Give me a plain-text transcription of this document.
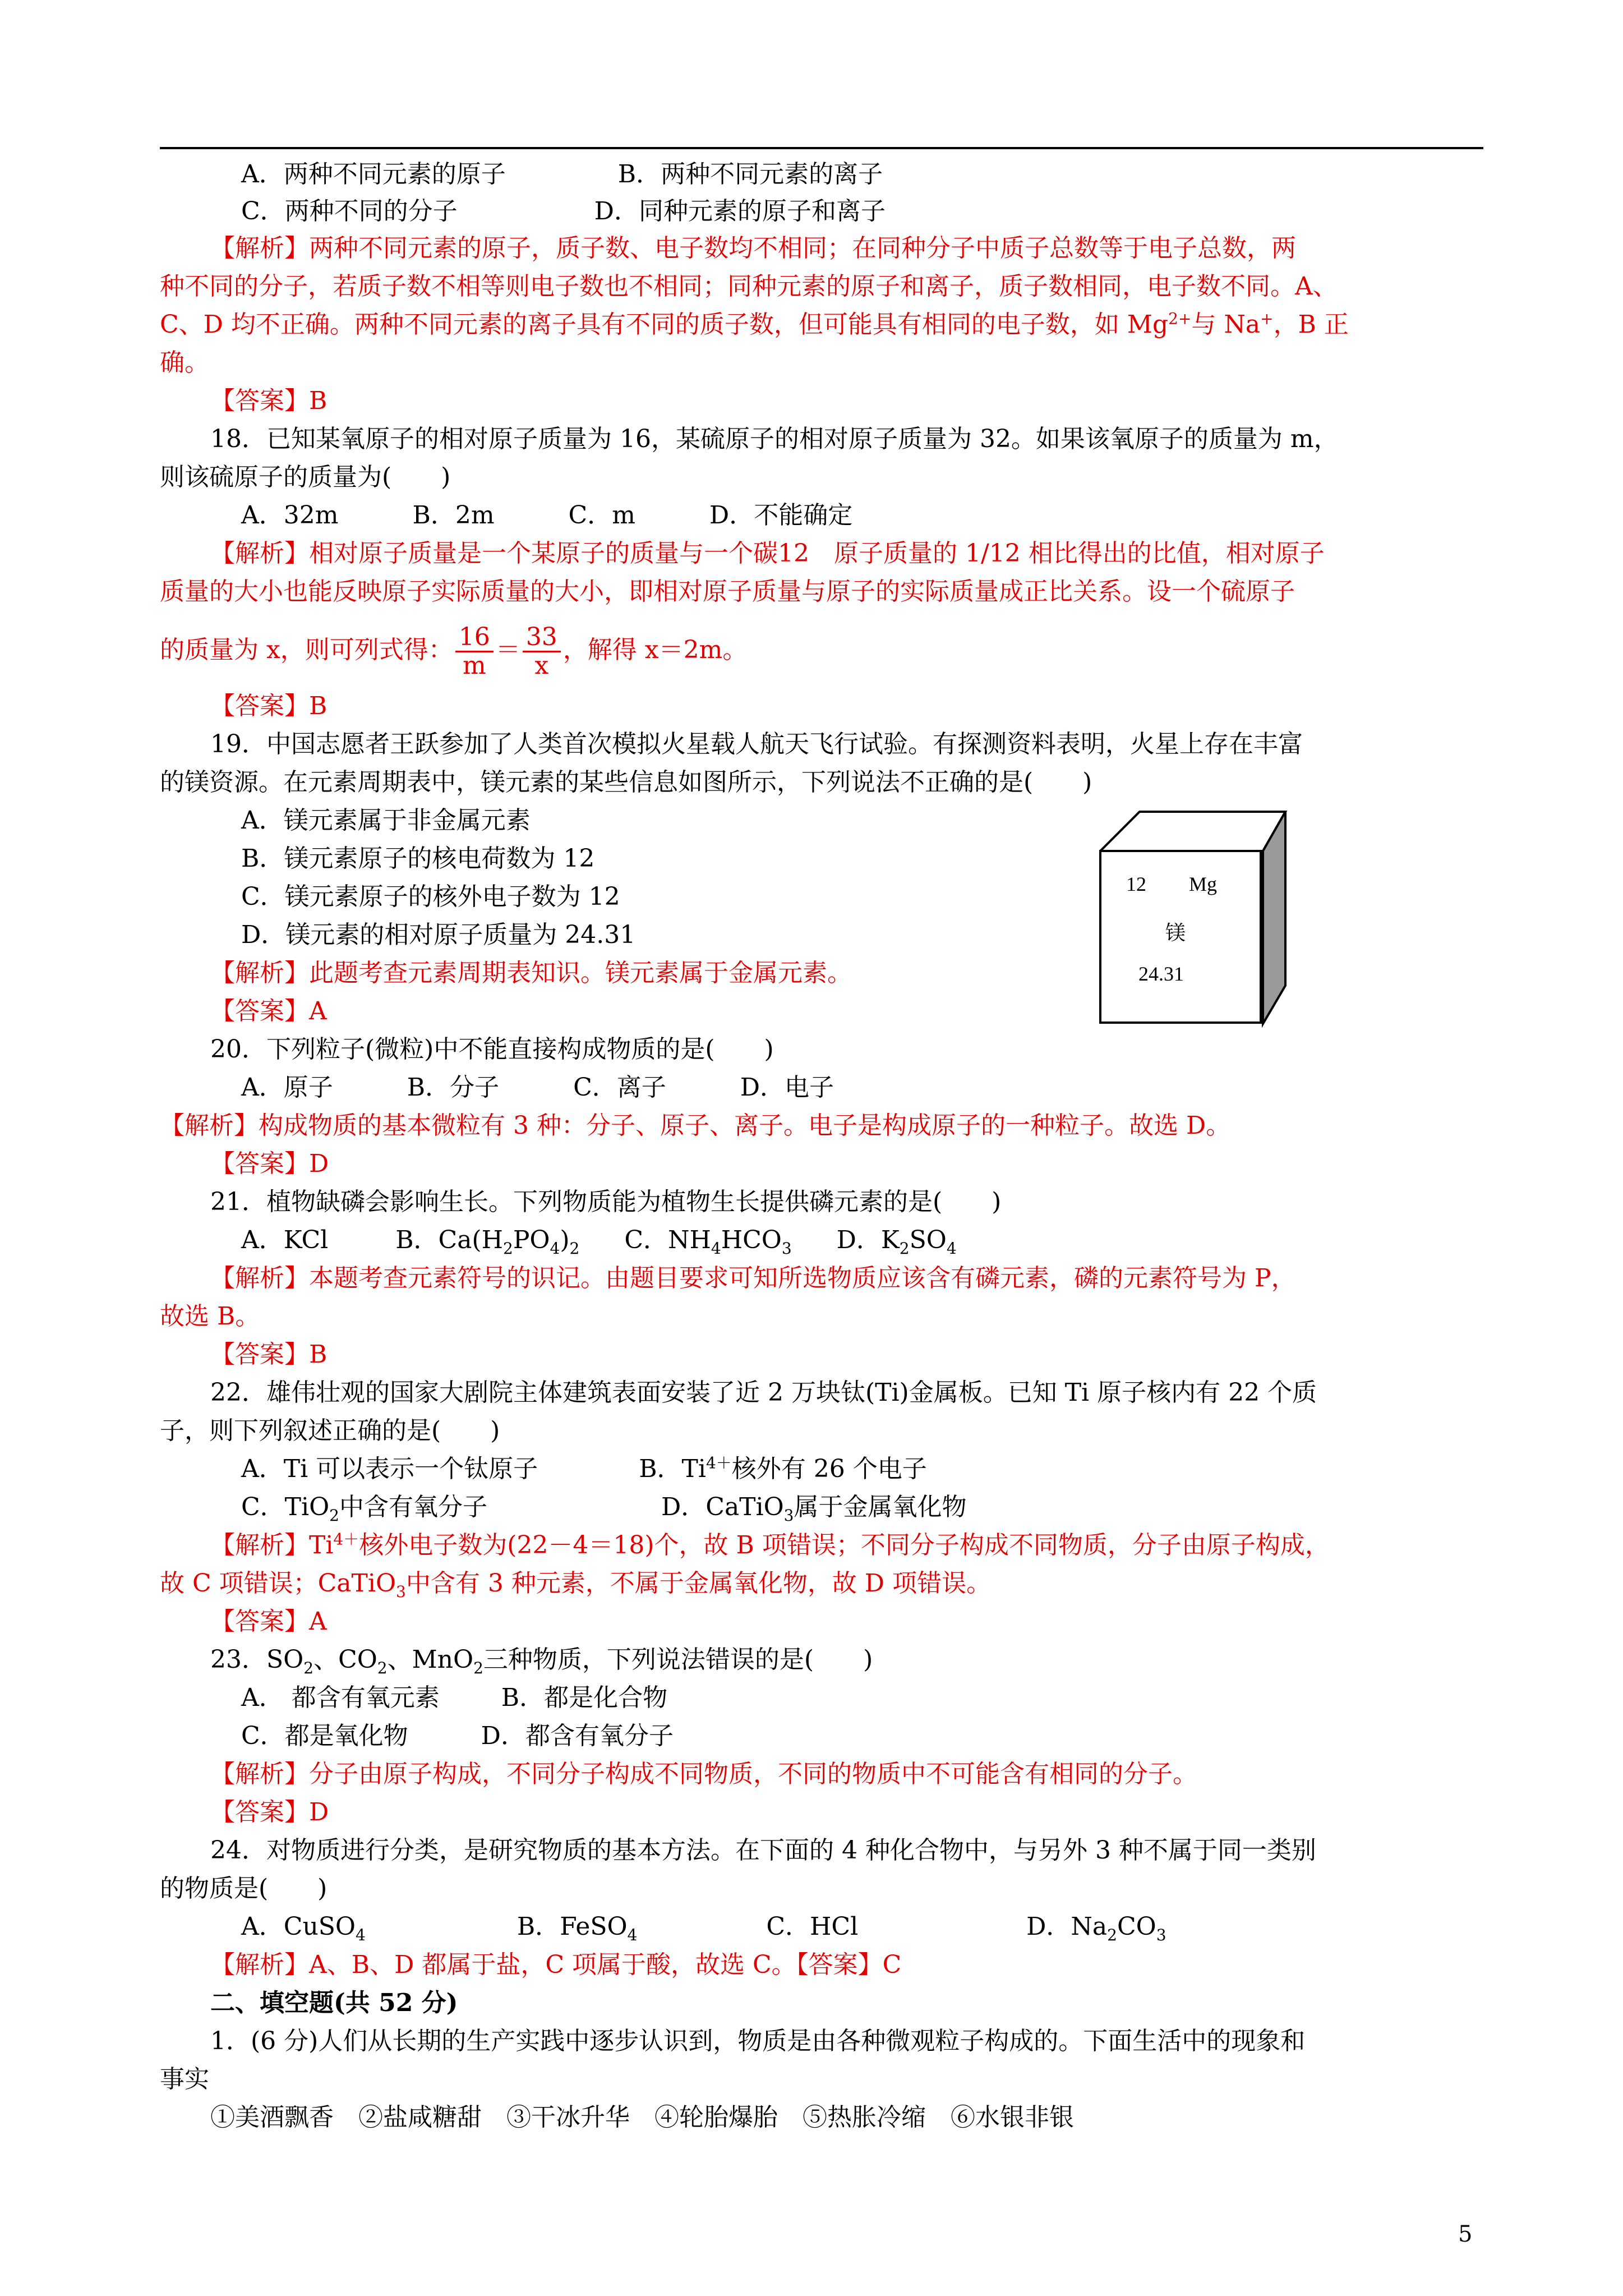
A．两种不同元素的原子	B．两种不同元素的离子
C．两种不同的分子	D．同种元素的原子和离子
【解析】两种不同元素的原子，质子数、电子数均不相同；在同种分子中质子总数等于电子总数，两
种不同的分子，若质子数不相等则电子数也不相同；同种元素的原子和离子，质子数相同，电子数不同。A、
C、D 均不正确。两种不同元素的离子具有不同的质子数，但可能具有相同的电子数，如 $Mg^{2+}$与 Na+，B 正
确。
【答案】B
18．已知某氧原子的相对原子质量为 16，某硫原子的相对原子质量为 32。如果该氧原子的质量为 m，
则该硫原子的质量为(　　)
A．32m　　　B．2m　　　C．m　　　D．不能确定
【解析】相对原子质量是一个某原子的质量与一个碳12　原子质量的 1/12 相比得出的比值，相对原子
质量的大小也能反映原子实际质量的大小，即相对原子质量与原子的实际质量成正比关系。设一个硫原子
的质量为 x，则可列式得： $\frac{16}{m} = \frac{33}{x}$ ，解得 x＝2m。
【答案】B
19．中国志愿者王跃参加了人类首次模拟火星载人航天飞行试验。有探测资料表明，火星上存在丰富
的镁资源。在元素周期表中，镁元素的某些信息如图所示，下列说法不正确的是(　　)
A．镁元素属于非金属元素
B．镁元素原子的核电荷数为 12
C．镁元素原子的核外电子数为 12
D．镁元素的相对原子质量为 24.31
【解析】此题考查元素周期表知识。镁元素属于金属元素。
【答案】A
12 Mg
镁
24.31
20．下列粒子(微粒)中不能直接构成物质的是(　　)
A．原子　　　B．分子　　　C．离子　　　D．电子
【解析】构成物质的基本微粒有 3 种：分子、原子、离子。电子是构成原子的一种粒子。故选 D。
【答案】D
21．植物缺磷会影响生长。下列物质能为植物生长提供磷元素的是(　　)
A．KCl	B．$Ca(H_2PO_4)_2$ C．$NH_4HCO_3$ D．$K_2SO_4$
【解析】本题考查元素符号的识记。由题目要求可知所选物质应该含有磷元素，磷的元素符号为 P，
故选 B。
【答案】B
22．雄伟壮观的国家大剧院主体建筑表面安装了近 2 万块钛(Ti)金属板。已知 Ti 原子核内有 22 个质
子，则下列叙述正确的是(　　)
A．Ti 可以表示一个钛原子	B．$Ti^{4+}$核外有 26 个电子
C．TiO$_2$中含有氧分子	D．CaTiO$_3$属于金属氧化物
【解析】$Ti^{4+}$核外电子数为(22－4＝18)个，故 B 项错误；不同分子构成不同物质，分子由原子构成，
故 C 项错误；CaTiO$_3$中含有 3 种元素，不属于金属氧化物，故 D 项错误。
【答案】A
23．$SO_2$、$CO_2$、MnO$_2$三种物质，下列说法错误的是(　　)
A． 都含有氧元素	B．都是化合物
C．都是氧化物	D．都含有氧分子
【解析】分子由原子构成，不同分子构成不同物质，不同的物质中不可能含有相同的分子。
【答案】D
24．对物质进行分类，是研究物质的基本方法。在下面的 4 种化合物中，与另外 3 种不属于同一类别
的物质是(　　)
A．CuSO$_4$	B．FeSO$_4$	C．HCl	D．$Na_2CO_3$
【解析】A、B、D 都属于盐，C 项属于酸，故选 C。【答案】C
二、填空题(共 52 分)
1．(6 分)人们从长期的生产实践中逐步认识到，物质是由各种微观粒子构成的。下面生活中的现象和
事实
①美酒飘香　②盐咸糖甜　③干冰升华　④轮胎爆胎　⑤热胀冷缩　⑥水银非银
5
